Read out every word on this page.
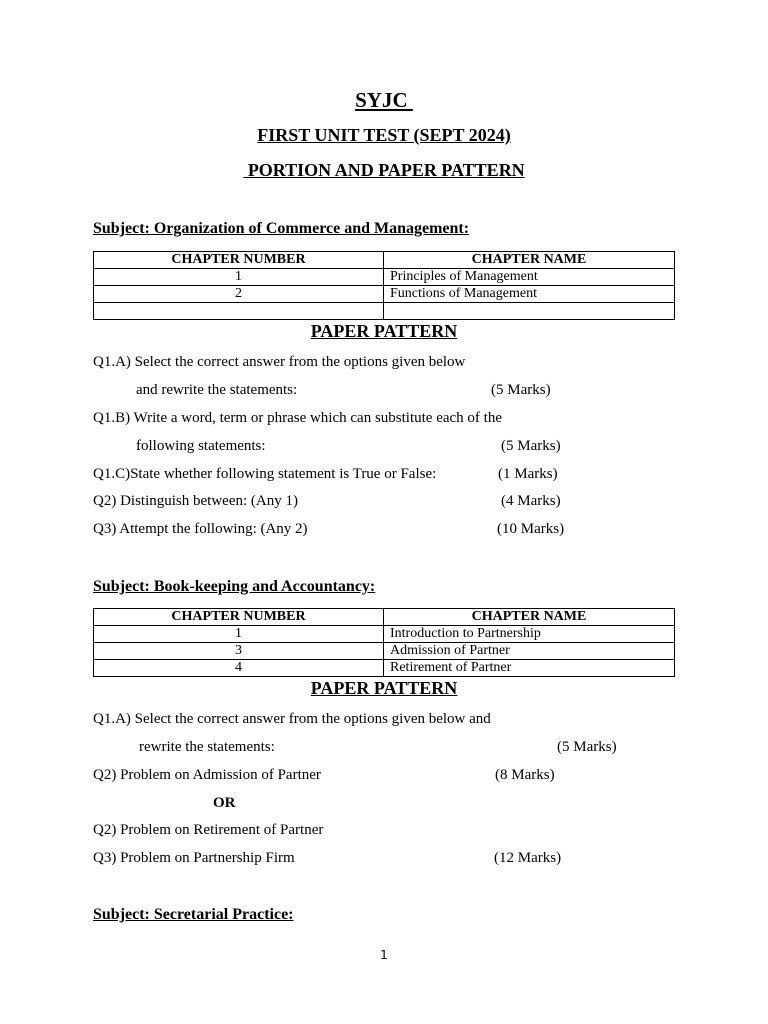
SYJC
FIRST UNIT TEST (SEPT 2024)
PORTION AND PAPER PATTERN
Subject: Organization of Commerce and Management:
CHAPTER NUMBER	CHAPTER NAME
1	Principles of Management
2	Functions of Management

PAPER PATTERN
Q1.A) Select the correct answer from the options given below
and rewrite the statements:	(5 Marks)
Q1.B) Write a word, term or phrase which can substitute each of the
following statements:	(5 Marks)
Q1.C)State whether following statement is True or False:	(1 Marks)
Q2) Distinguish between: (Any 1)	(4 Marks)
Q3) Attempt the following: (Any 2)	(10 Marks)
Subject: Book-keeping and Accountancy:
CHAPTER NUMBER	CHAPTER NAME
1	Introduction to Partnership
3	Admission of Partner
4	Retirement of Partner
PAPER PATTERN
Q1.A) Select the correct answer from the options given below and
rewrite the statements:	(5 Marks)
Q2) Problem on Admission of Partner	(8 Marks)
OR
Q2) Problem on Retirement of Partner
Q3) Problem on Partnership Firm	(12 Marks)
Subject: Secretarial Practice:
1
